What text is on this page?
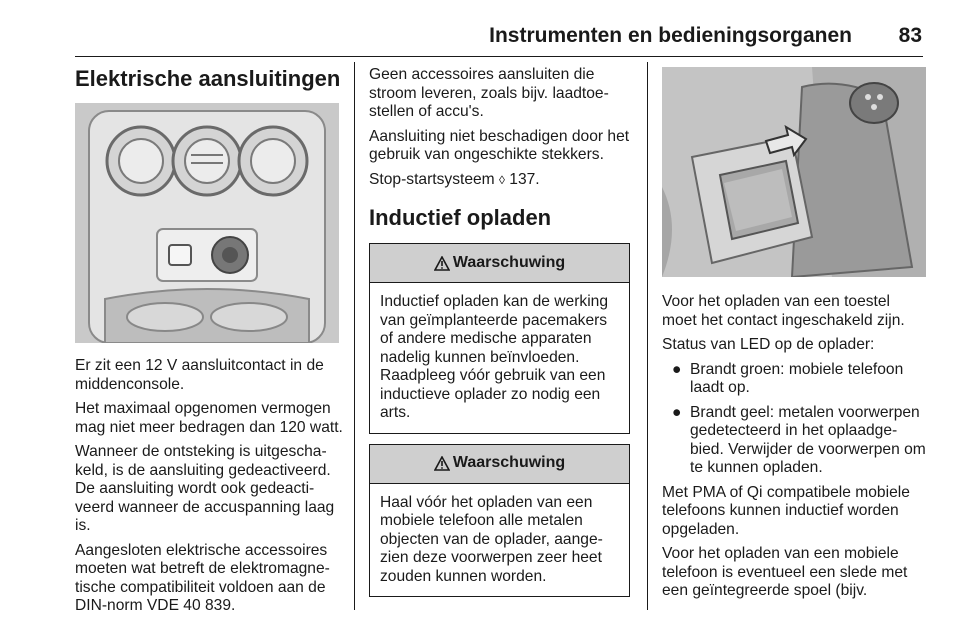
Instrumenten en bedieningsorganen 83
Elektrische aansluitingen

Er zit een 12 V aansluitcontact in de middenconsole.

Het maximaal opgenomen vermogen mag niet meer bedragen dan 120 watt.

Wanneer de ontsteking is uitgescha-keld, is de aansluiting gedeactiveerd. De aansluiting wordt ook gedeacti-veerd wanneer de accuspanning laag is.

Aangesloten elektrische accessoires moeten wat betreft de elektromagne-tische compatibiliteit voldoen aan de DIN-norm VDE 40 839.

Geen accessoires aansluiten die stroom leveren, zoals bijv. laadtoe-stellen of accu's.

Aansluiting niet beschadigen door het gebruik van ongeschikte stekkers.

Stop-startsysteem ◊ 137.

Inductief opladen
Waarschuwing
Inductief opladen kan de werking van geïmplanteerde pacemakers of andere medische apparaten nadelig kunnen beïnvloeden. Raadpleeg vóór gebruik van een inductieve oplader zo nodig een arts.
Waarschuwing
Haal vóór het opladen van een mobiele telefoon alle metalen objecten van de oplader, aange-zien deze voorwerpen zeer heet zouden kunnen worden.

Voor het opladen van een toestel moet het contact ingeschakeld zijn.

Status van LED op de oplader:

● Brandt groen: mobiele telefoon laadt op.
● Brandt geel: metalen voorwerpen gedetecteerd in het oplaadge-bied. Verwijder de voorwerpen om te kunnen opladen.

Met PMA of Qi compatibele mobiele telefoons kunnen inductief worden opgeladen.

Voor het opladen van een mobiele telefoon is eventueel een slede met een geïntegreerde spoel (bijv.
